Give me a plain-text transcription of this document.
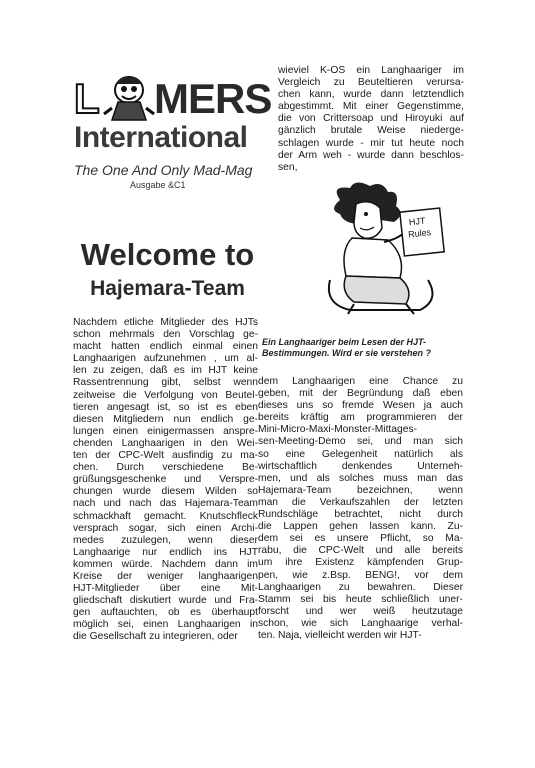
L MERS
International
The One And Only Mad-Mag
Ausgabe &C1
Welcome to
Hajemara-Team
Nachdem etliche Mitglieder des HJTs
schon mehrmals den Vorschlag ge-
macht hatten endlich einmal einen
Langhaarigen aufzunehmen , um al-
len zu zeigen, daß es im HJT keine
Rassentrennung gibt, selbst wenn
zeitweise die Verfolgung von Beutel-
tieren angesagt ist, so ist es eben
diesen Mitgliedern nun endlich ge-
lungen einen einigermassen anspre-
chenden Langhaarigen in den Wei-
ten der CPC-Welt ausfindig zu ma-
chen. Durch verschiedene Be-
grüßungsgeschenke und Verspre-
chungen wurde diesem Wilden so
nach und nach das Hajemara-Team
schmackhaft gemacht. Knutschfleck
versprach sogar, sich einen Archi-
medes zuzulegen, wenn dieser
Langhaarige nur endlich ins HJT
kommen würde. Nachdem dann im
Kreise der weniger langhaarigen
HJT-Mitglieder über eine Mit-
gliedschaft diskutiert wurde und Fra-
gen auftauchten, ob es überhaupt
möglich sei, einen Langhaarigen in
die Gesellschaft zu integrieren, oder
wieviel K-OS ein Langhaariger im
Vergleich zu Beuteltieren verursa-
chen kann, wurde dann letztendlich
abgestimmt. Mit einer Gegenstimme,
die von Crittersoap und Hiroyuki auf
gänzlich brutale Weise niederge-
schlagen wurde - mir tut heute noch
der Arm weh - wurde dann beschlos-
sen,
HJT
Rules
Ein Langhaariger beim Lesen der HJT-
Bestimmungen. Wird er sie verstehen ?
dem Langhaarigen eine Chance zu
geben, mit der Begründung daß eben
dieses uns so fremde Wesen ja auch
bereits kräftig am programmieren der
Mini-Micro-Maxi-Monster-Mittages-
sen-Meeting-Demo sei, und man sich
so eine Gelegenheit natürlich als
wirtschaftlich denkendes Unterneh-
men, und als solches muss man das
Hajemara-Team bezeichnen, wenn
man die Verkaufszahlen der letzten
Rundschläge betrachtet, nicht durch
die Lappen gehen lassen kann. Zu-
dem sei es unsere Pflicht, so Ma-
rabu, die CPC-Welt und alle bereits
um ihre Existenz kämpfenden Grup-
pen, wie z.Bsp. BENG!, vor dem
Langhaarigen zu bewahren. Dieser
Stamm sei bis heute schließlich uner-
forscht und wer weiß heutzutage
schon, wie sich Langhaarige verhal-
ten. Naja, vielleicht werden wir HJT-
